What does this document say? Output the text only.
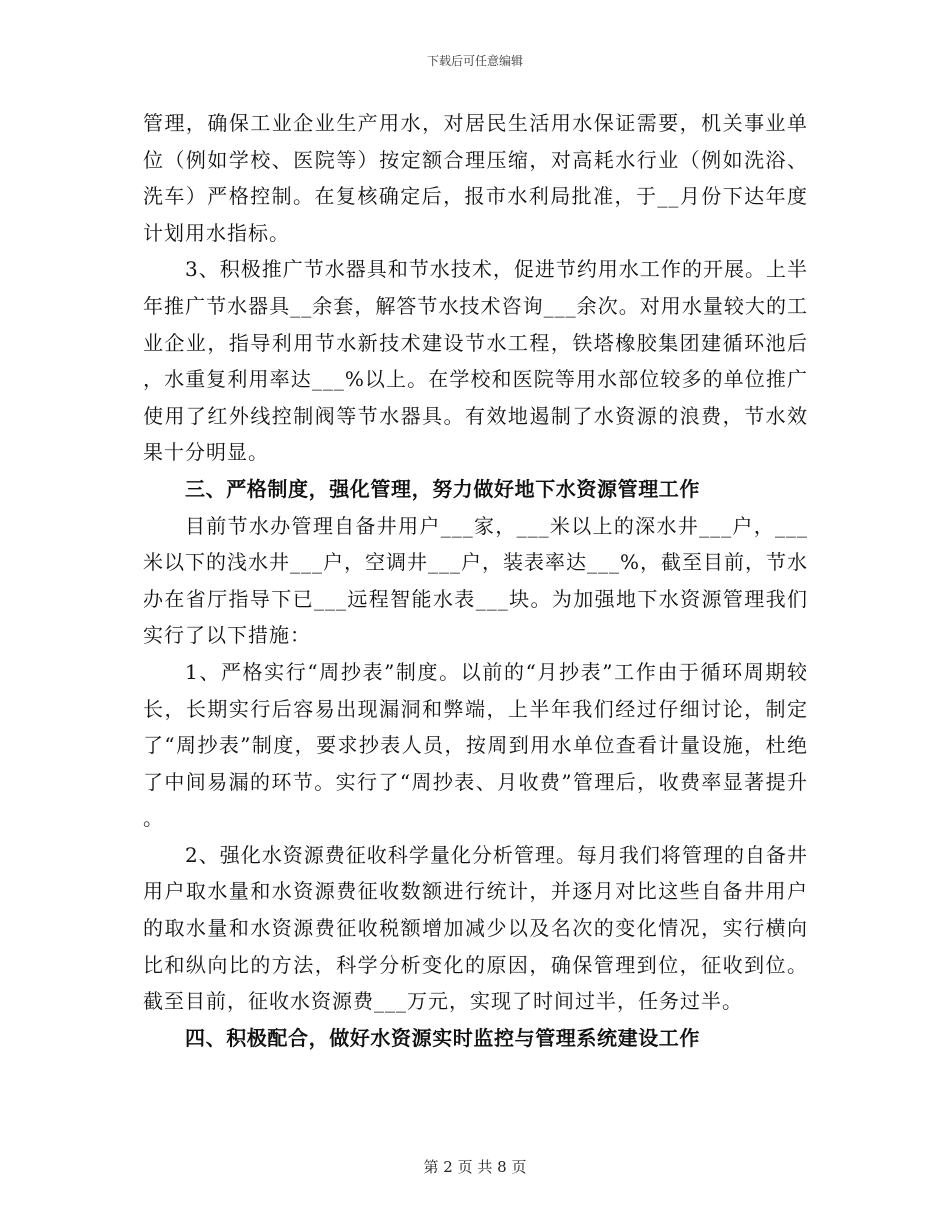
下载后可任意编辑

管理，确保工业企业生产用水，对居民生活用水保证需要，机关事业单位（例如学校、医院等）按定额合理压缩，对高耗水行业（例如洗浴、洗车）严格控制。在复核确定后，报市水利局批准，于__月份下达年度计划用水指标。

3、积极推广节水器具和节水技术，促进节约用水工作的开展。上半年推广节水器具__余套，解答节水技术咨询___余次。对用水量较大的工业企业，指导利用节水新技术建设节水工程，铁塔橡胶集团建循环池后，水重复利用率达___%以上。在学校和医院等用水部位较多的单位推广使用了红外线控制阀等节水器具。有效地遏制了水资源的浪费，节水效果十分明显。

三、严格制度，强化管理，努力做好地下水资源管理工作

目前节水办管理自备井用户___家，___米以上的深水井___户，___米以下的浅水井___户，空调井___户，装表率达___%，截至目前，节水办在省厅指导下已___远程智能水表___块。为加强地下水资源管理我们实行了以下措施：

1、严格实行“周抄表”制度。以前的“月抄表”工作由于循环周期较长，长期实行后容易出现漏洞和弊端，上半年我们经过仔细讨论，制定了“周抄表”制度，要求抄表人员，按周到用水单位查看计量设施，杜绝了中间易漏的环节。实行了“周抄表、月收费”管理后，收费率显著提升。

2、强化水资源费征收科学量化分析管理。每月我们将管理的自备井用户取水量和水资源费征收数额进行统计，并逐月对比这些自备井用户的取水量和水资源费征收税额增加减少以及名次的变化情况，实行横向比和纵向比的方法，科学分析变化的原因，确保管理到位，征收到位。截至目前，征收水资源费___万元，实现了时间过半，任务过半。

四、积极配合，做好水资源实时监控与管理系统建设工作

第 2 页 共 8 页
